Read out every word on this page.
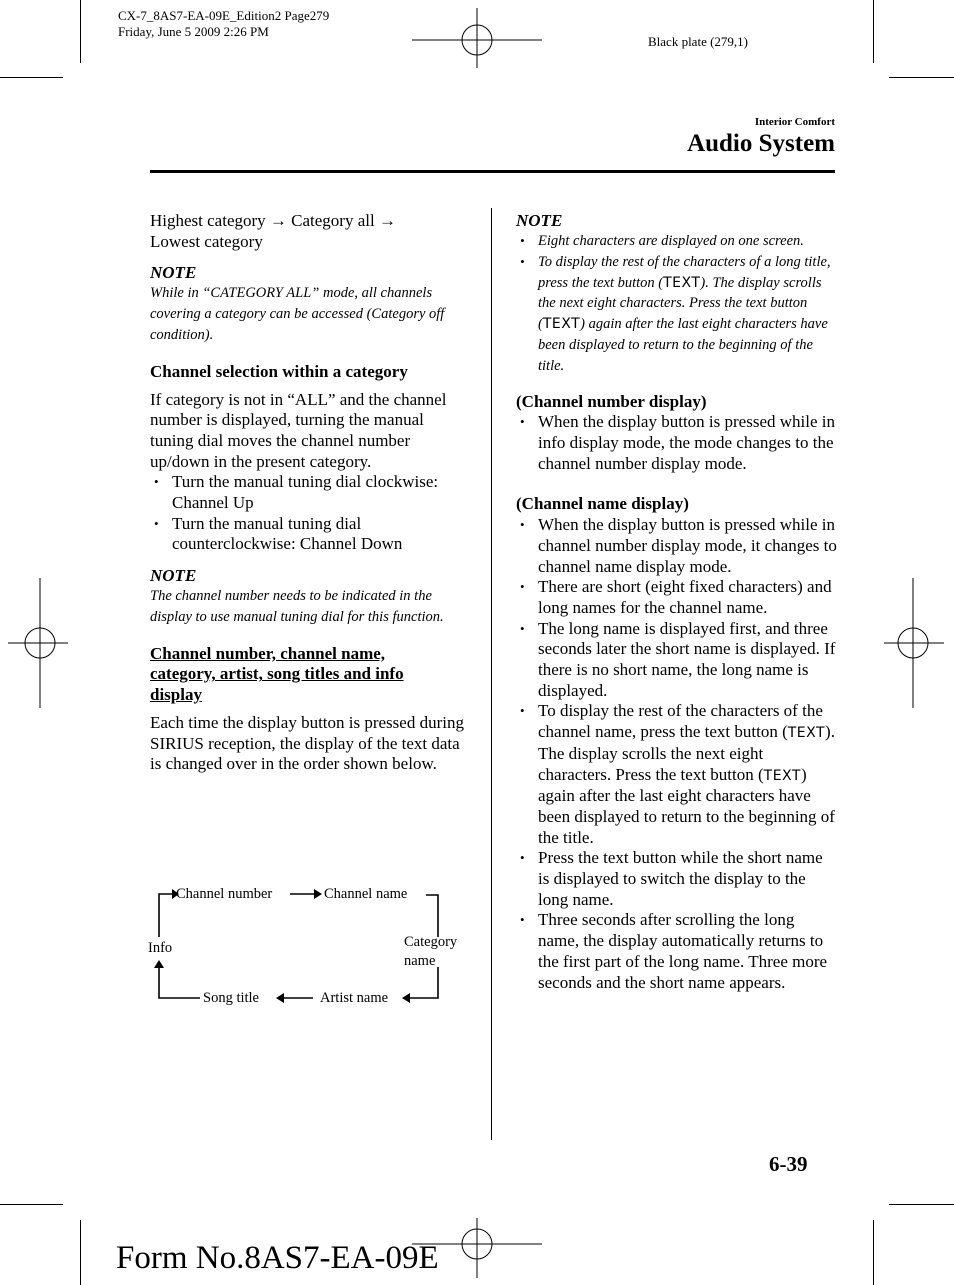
CX-7_8AS7-EA-09E_Edition2 Page279
Friday, June 5 2009 2:26 PM
Black plate (279,1)
Interior Comfort
Audio System

Highest category → Category all → Lowest category

NOTE
While in “CATEGORY ALL” mode, all channels covering a category can be accessed (Category off condition).
Channel selection within a category

If category is not in “ALL” and the channel number is displayed, turning the manual tuning dial moves the channel number up/down in the present category.

• Turn the manual tuning dial clockwise: Channel Up
• Turn the manual tuning dial counterclockwise: Channel Down
NOTE
The channel number needs to be indicated in the display to use manual tuning dial for this function.
Channel number, channel name, category, artist, song titles and info display

Each time the display button is pressed during SIRIUS reception, the display of the text data is changed over in the order shown below.

Channel number	Channel name
Info	Category
name
Song title	Artist name
NOTE
• Eight characters are displayed on one screen.
• To display the rest of the characters of a long title, press the text button (TEXT). The display scrolls the next eight characters. Press the text button (TEXT) again after the last eight characters have been displayed to return to the beginning of the title.
(Channel number display)
• When the display button is pressed while in info display mode, the mode changes to the channel number display mode.
(Channel name display)
• When the display button is pressed while in channel number display mode, it changes to channel name display mode.
• There are short (eight fixed characters) and long names for the channel name.
• The long name is displayed first, and three seconds later the short name is displayed. If there is no short name, the long name is displayed.
• To display the rest of the characters of the channel name, press the text button (TEXT). The display scrolls the next eight characters. Press the text button (TEXT) again after the last eight characters have been displayed to return to the beginning of the title.
• Press the text button while the short name is displayed to switch the display to the long name.
• Three seconds after scrolling the long name, the display automatically returns to the first part of the long name. Three more seconds and the short name appears.
6-39
Form No.8AS7-EA-09E
